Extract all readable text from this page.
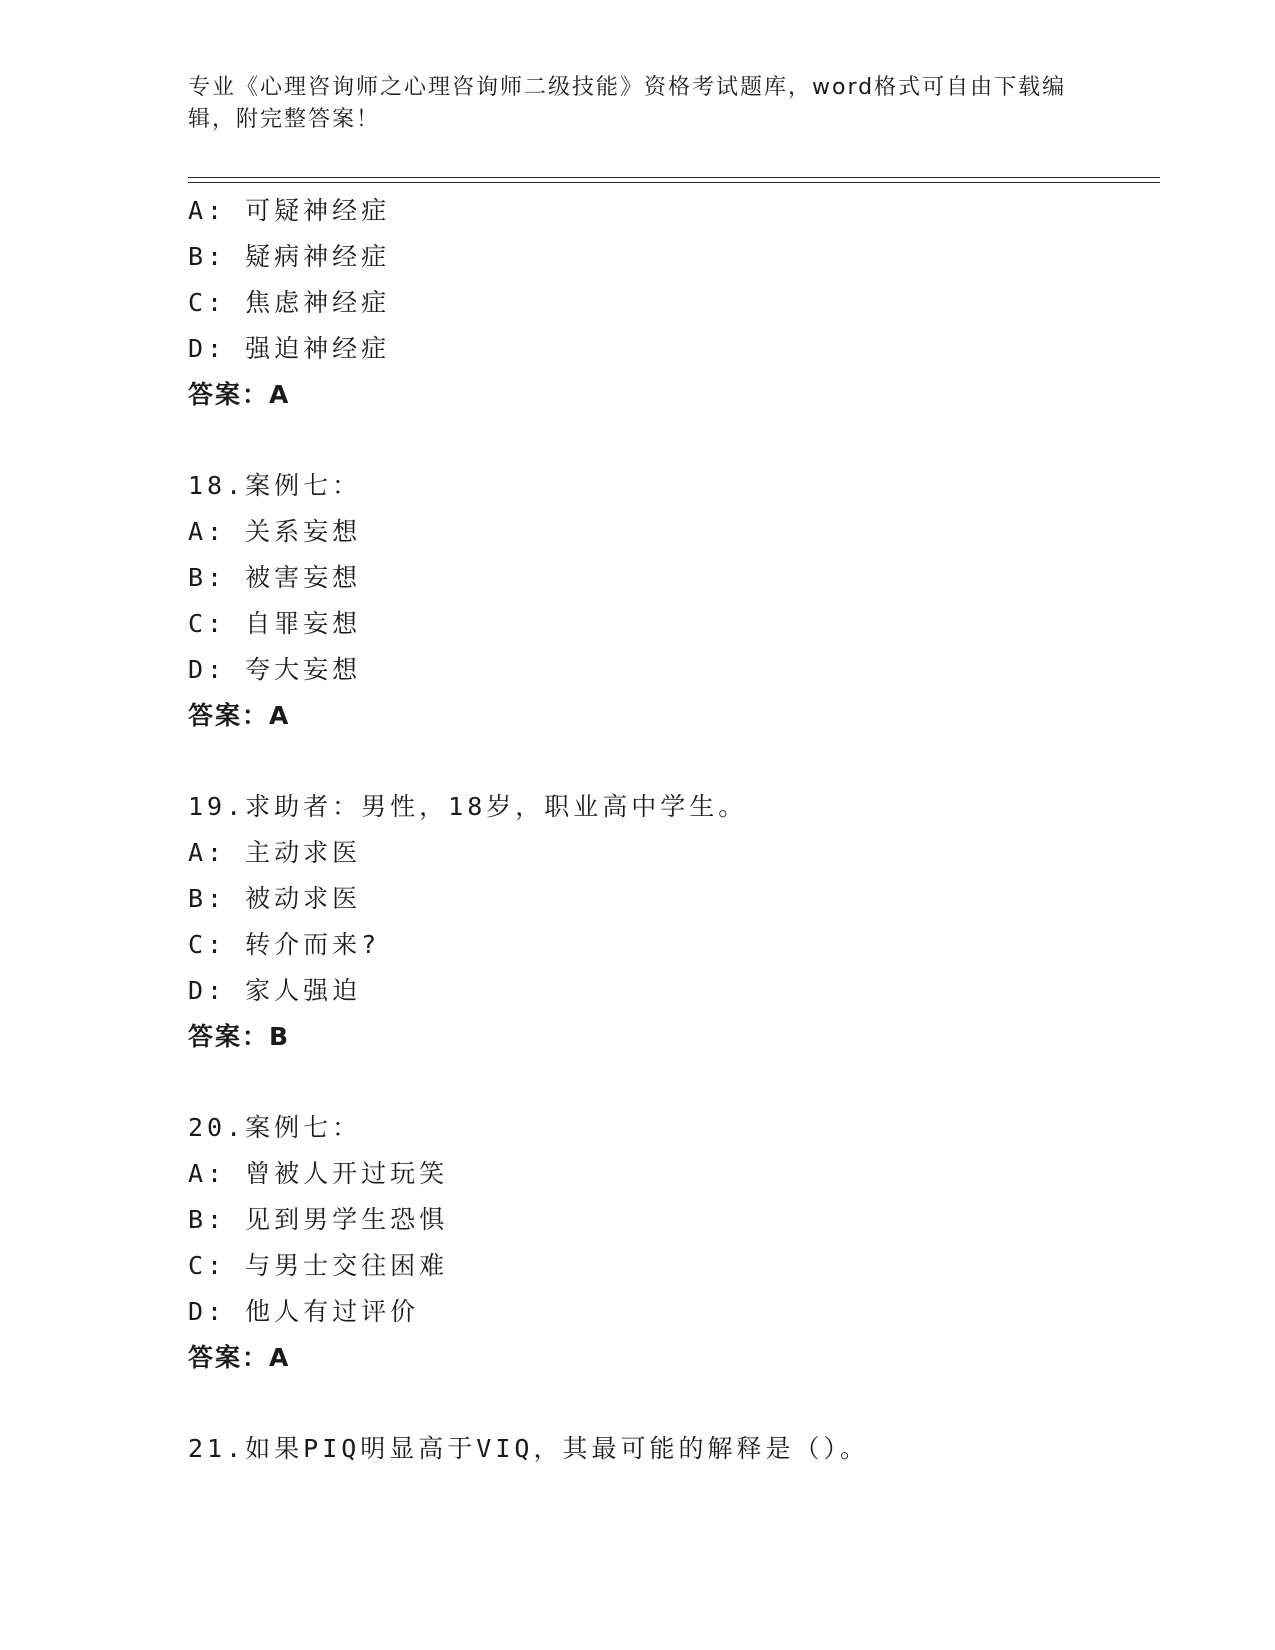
专业《心理咨询师之心理咨询师二级技能》资格考试题库，word格式可自由下载编辑，附完整答案！
A: 可疑神经症
B: 疑病神经症
C: 焦虑神经症
D: 强迫神经症
答案：A
18.案例七：
A: 关系妄想
B: 被害妄想
C: 自罪妄想
D: 夸大妄想
答案：A
19.求助者：男性，18岁，职业高中学生。
A: 主动求医
B: 被动求医
C: 转介而来?
D: 家人强迫
答案：B
20.案例七：
A: 曾被人开过玩笑
B: 见到男学生恐惧
C: 与男士交往困难
D: 他人有过评价
答案：A
21.如果PIQ明显高于VIQ，其最可能的解释是（）。
